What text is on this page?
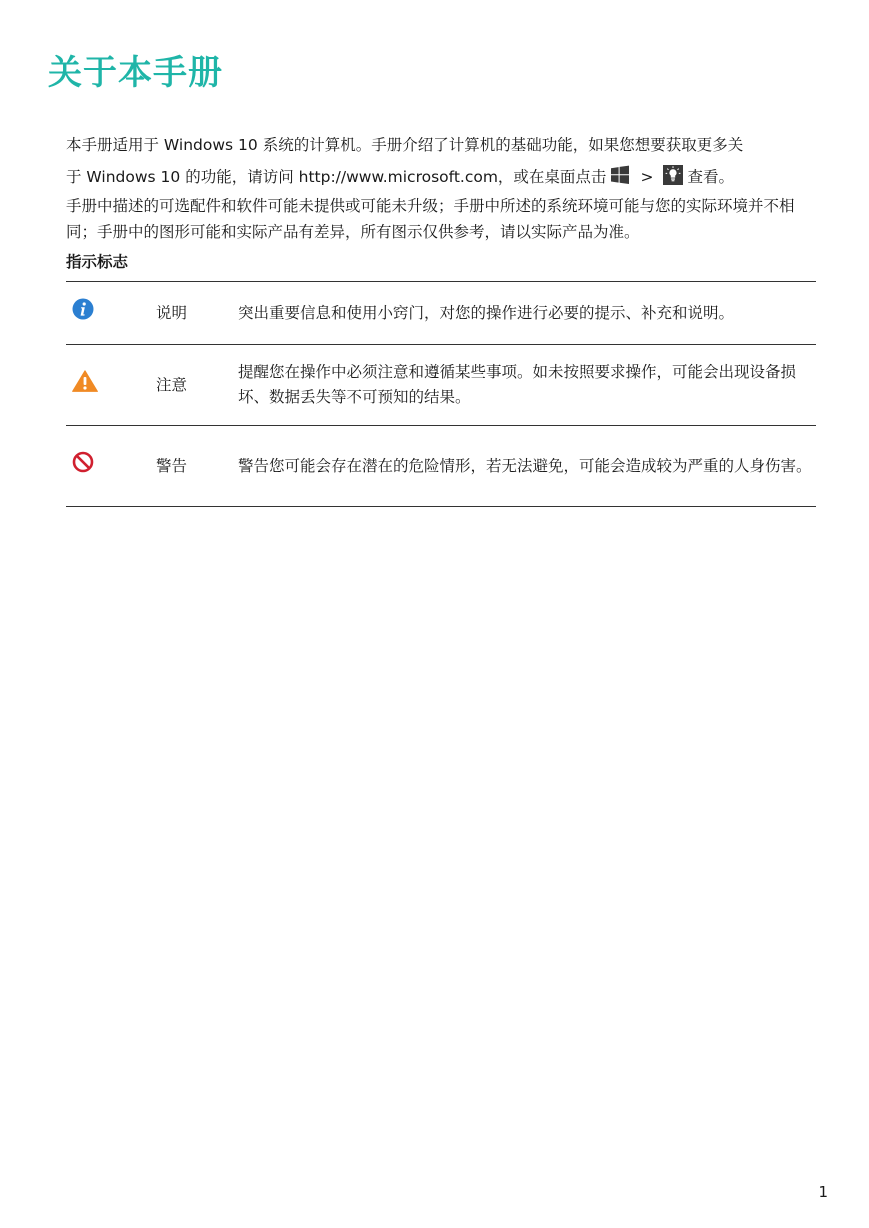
关于本手册

本手册适用于 Windows 10 系统的计算机。手册介绍了计算机的基础功能，如果您想要获取更多关
于 Windows 10 的功能，请访问 http://www.microsoft.com，或在桌面点击 > 查看。

手册中描述的可选配件和软件可能未提供或可能未升级；手册中所述的系统环境可能与您的实际环境并不相同；手册中的图形可能和实际产品有差异，所有图示仅供参考，请以实际产品为准。

指示标志
	说明	突出重要信息和使用小窍门，对您的操作进行必要的提示、补充和说明。
	注意	提醒您在操作中必须注意和遵循某些事项。如未按照要求操作，可能会出现设备损坏、数据丢失等不可预知的结果。
	警告	警告您可能会存在潜在的危险情形，若无法避免，可能会造成较为严重的人身伤害。
1
